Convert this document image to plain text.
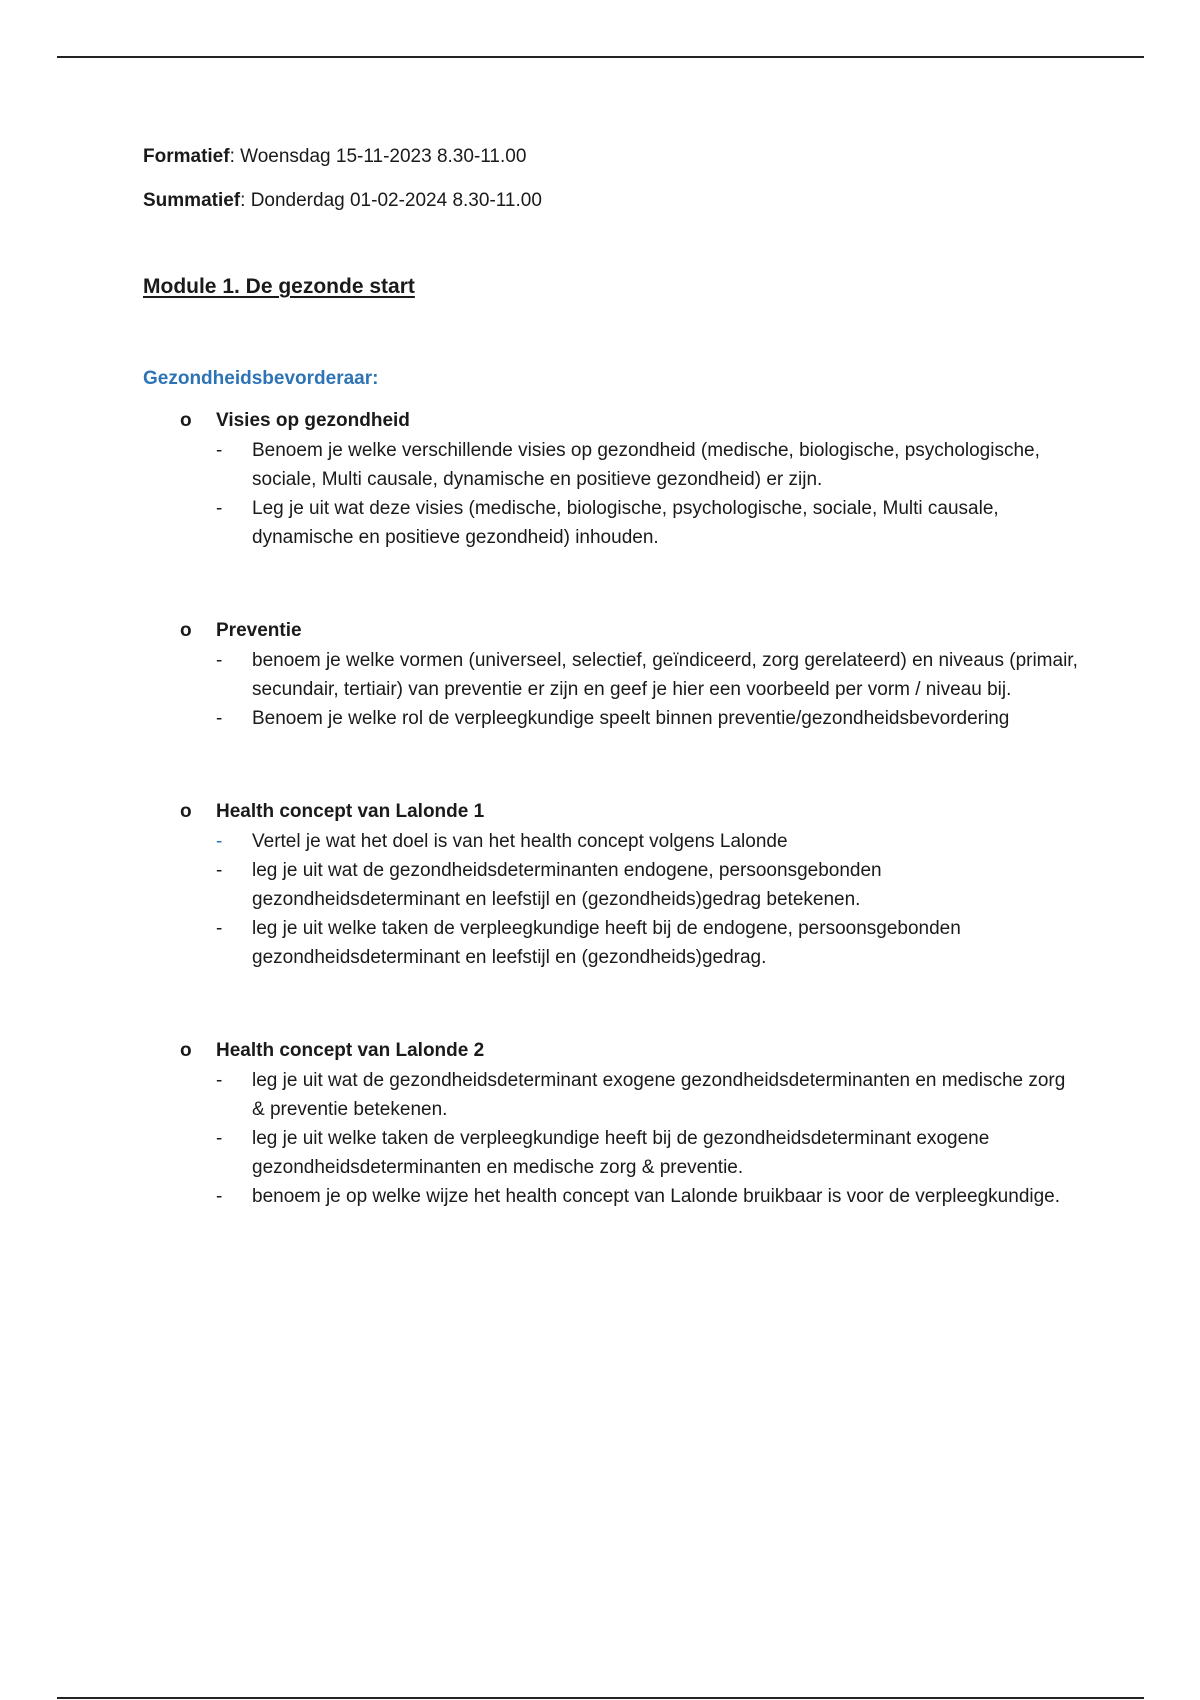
Formatief: Woensdag 15-11-2023 8.30-11.00

Summatief: Donderdag 01-02-2024 8.30-11.00

Module 1. De gezonde start
Gezondheidsbevorderaar:
o Visies op gezondheid
- Benoem je welke verschillende visies op gezondheid (medische, biologische, psychologische, sociale, Multi causale, dynamische en positieve gezondheid) er zijn.
- Leg je uit wat deze visies (medische, biologische, psychologische, sociale, Multi causale, dynamische en positieve gezondheid) inhouden.
o Preventie
- benoem je welke vormen (universeel, selectief, geïndiceerd, zorg gerelateerd) en niveaus (primair, secundair, tertiair) van preventie er zijn en geef je hier een voorbeeld per vorm / niveau bij.
- Benoem je welke rol de verpleegkundige speelt binnen preventie/gezondheidsbevordering
o Health concept van Lalonde 1
- Vertel je wat het doel is van het health concept volgens Lalonde
- leg je uit wat de gezondheidsdeterminanten endogene, persoonsgebonden gezondheidsdeterminant en leefstijl en (gezondheids)gedrag betekenen.
- leg je uit welke taken de verpleegkundige heeft bij de endogene, persoonsgebonden gezondheidsdeterminant en leefstijl en (gezondheids)gedrag.
o Health concept van Lalonde 2
- leg je uit wat de gezondheidsdeterminant exogene gezondheidsdeterminanten en medische zorg & preventie betekenen.
- leg je uit welke taken de verpleegkundige heeft bij de gezondheidsdeterminant exogene gezondheidsdeterminanten en medische zorg & preventie.
- benoem je op welke wijze het health concept van Lalonde bruikbaar is voor de verpleegkundige.
